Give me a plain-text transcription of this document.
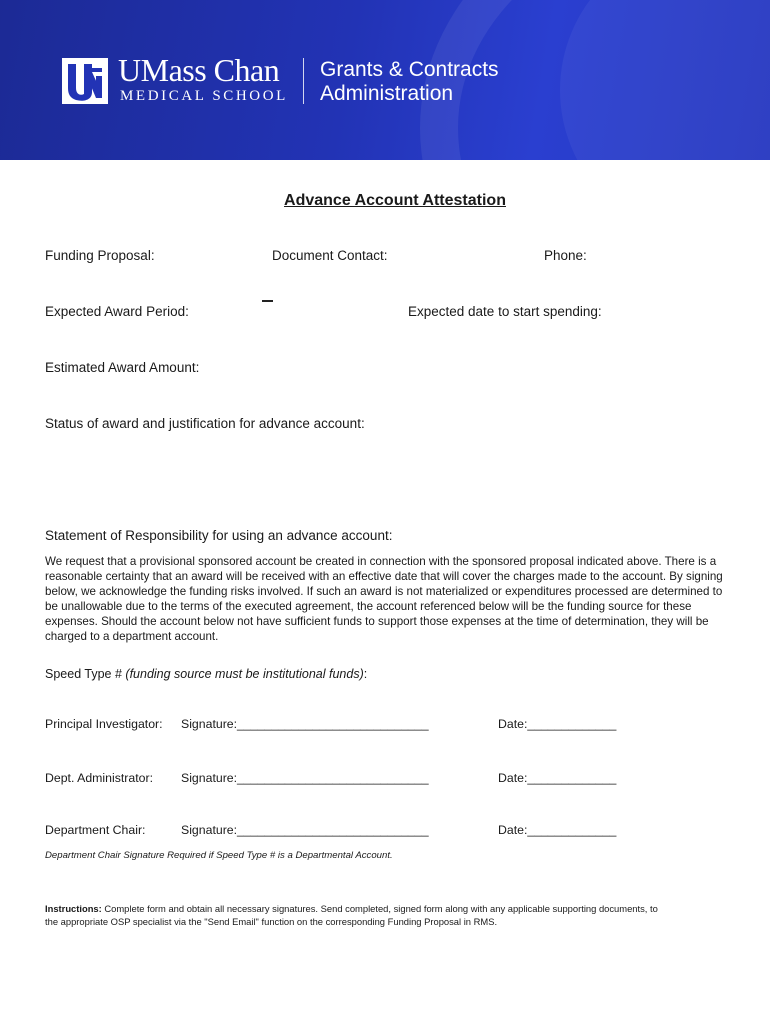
UMass Chan
MEDICAL SCHOOL
Grants & Contracts
Administration
Advance Account Attestation
Funding Proposal:	Document Contact:	Phone:
Expected Award Period:	Expected date to start spending:
Estimated Award Amount:
Status of award and justification for advance account:
Statement of Responsibility for using an advance account:
We request that a provisional sponsored account be created in connection with the sponsored proposal indicated above. There is a reasonable certainty that an award will be received with an effective date that will cover the charges made to the account. By signing below, we acknowledge the funding risks involved. If such an award is not materialized or expenditures processed are determined to be unallowable due to the terms of the executed agreement, the account referenced below will be the funding source for these expenses. Should the account below not have sufficient funds to support those expenses at the time of determination, they will be charged to a department account.
Speed Type # (funding source must be institutional funds):
Principal Investigator: Signature:____________________________	Date:_____________
Dept. Administrator: Signature:____________________________	Date:_____________
Department Chair:	Signature:____________________________	Date:_____________
Department Chair Signature Required if Speed Type # is a Departmental Account.
Instructions: Complete form and obtain all necessary signatures. Send completed, signed form along with any applicable supporting documents, to the appropriate OSP specialist via the "Send Email" function on the corresponding Funding Proposal in RMS.
